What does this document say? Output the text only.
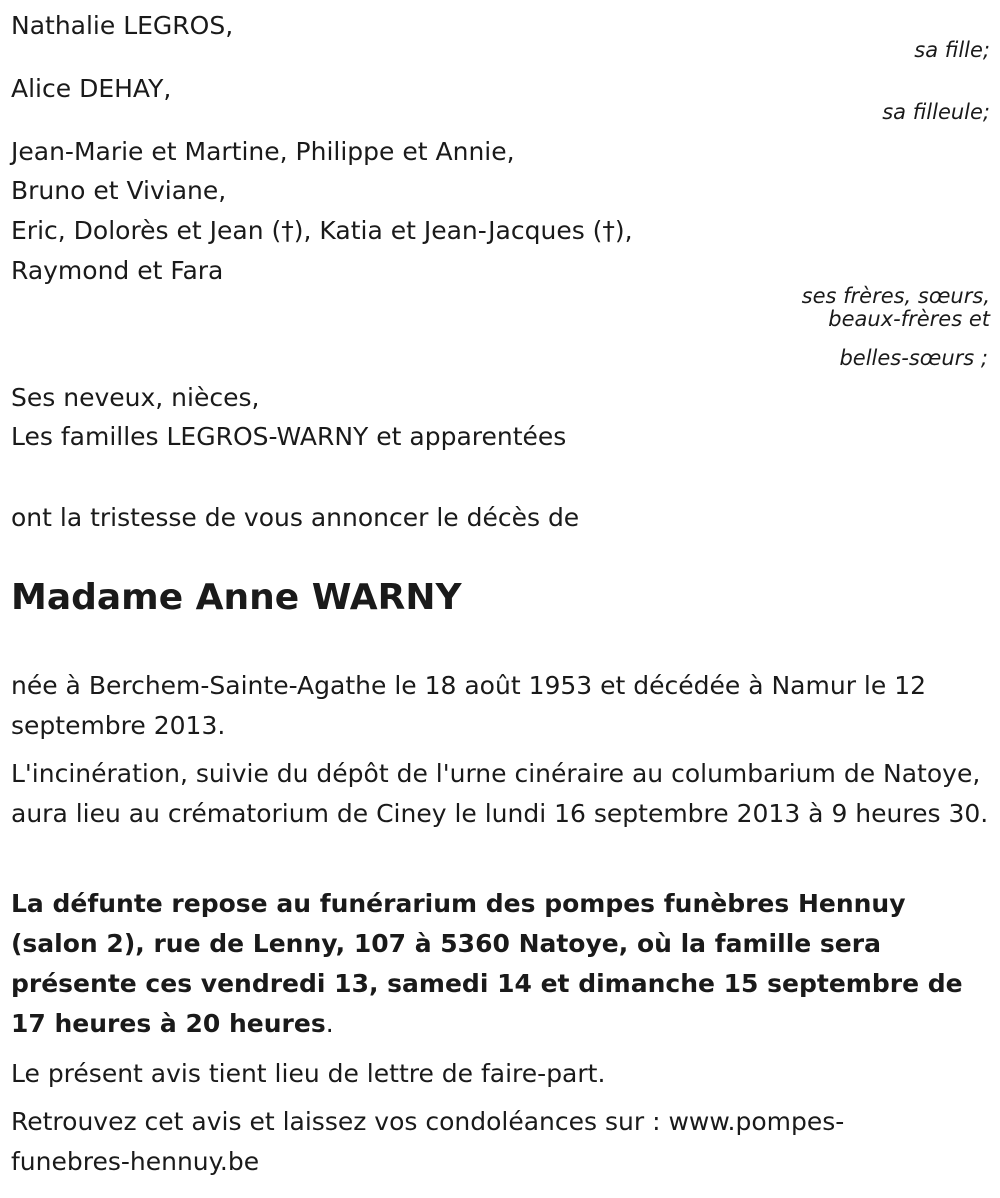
Nathalie LEGROS,

sa fille;

Alice DEHAY,

sa filleule;

Jean-Marie et Martine, Philippe et Annie,

Bruno et Viviane,

Eric, Dolorès et Jean (†), Katia et Jean-Jacques (†),

Raymond et Fara

ses frères, sœurs,

beaux-frères et

belles-sœurs ;

Ses neveux, nièces,

Les familles LEGROS-WARNY et apparentées

ont la tristesse de vous annoncer le décès de

Madame Anne WARNY

née à Berchem-Sainte-Agathe le 18 août 1953 et décédée à Namur le 12 septembre 2013.

L'incinération, suivie du dépôt de l'urne cinéraire au columbarium de Natoye, aura lieu au crématorium de Ciney le lundi 16 septembre 2013 à 9 heures 30.

La défunte repose au funérarium des pompes funèbres Hennuy (salon 2), rue de Lenny, 107 à 5360 Natoye, où la famille sera présente ces vendredi 13, samedi 14 et dimanche 15 septembre de 17 heures à 20 heures.

Le présent avis tient lieu de lettre de faire-part.

Retrouvez cet avis et laissez vos condoléances sur : www.pompes-funebres-hennuy.be
